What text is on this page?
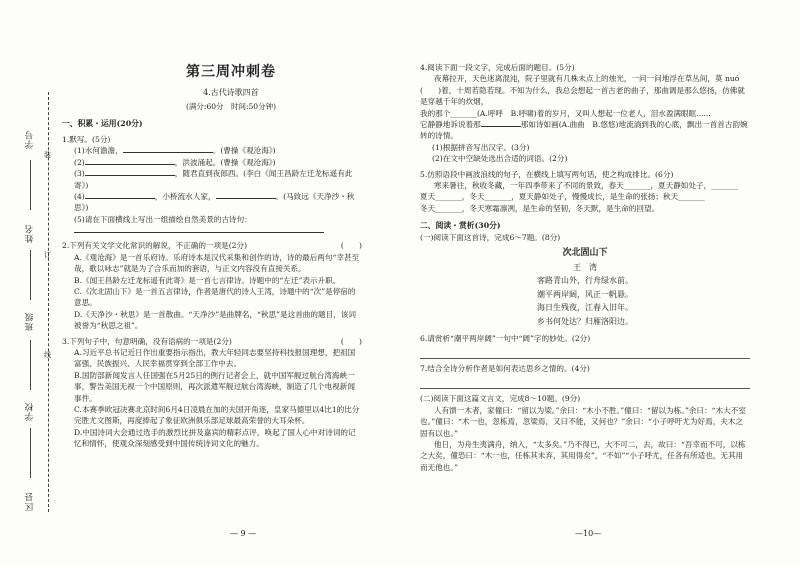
学号
姓名
班级
学校
区县
装
订
线
第三周冲刺卷
4.古代诗歌四首
(满分:60分　时间:50分钟)
一、积累・运用(20分)

1.默写。(5分)

(1)水何澹澹，	。(曹操《观沧海》)

(2)	，洪波涌起。(曹操《观沧海》)

(3)	，随君直到夜郎西。(李白《闻王昌龄左迁龙标遥有此寄》)

(4)	，小桥流水人家，	。(马致远《天净沙・秋思》)

(5)请在下面横线上写出一组描绘自然美景的古诗句：

2.下列有关文学文化常识的解说，不正确的一项是(2分)	(　　)

A.《观沧海》是一首乐府诗。乐府诗本是汉代采集和创作的诗，诗的最后两句“幸甚至哉，歌以咏志”就是为了合乐而加的套语，与正文内容没有直接关系。

B.《闻王昌龄左迁龙标遥有此寄》是一首七言律诗。诗题中的“左迁”表示升职。

C.《次北固山下》是一首五言律诗，作者是唐代的诗人王湾，诗题中的“次”是停宿的意思。

D.《天净沙・秋思》是一首散曲。“天净沙”是曲牌名，“秋思”是这首曲的题目，该词被誉为“秋思之祖”。

3.下列句子中，句意明确，没有语病的一项是(2分)	(　　)

A.习近平总书记近日作出重要指示指出，教大年轻同志要坚持科技报国理想，把祖国富强、民族振兴、人民幸福贯穿到全部工作中去。

B.国防部新闻发言人任国强在5月25日的例行记者会上，就中国军舰过航台湾海峡一事，警告美国无视一个中国原则，再次派遣军舰过航台湾海峡，制造了几个电视新闻事件。

C.本赛季欧冠决赛北京时间6月4日凌晨在加的夫国开角逐，皇家马德里以4比1的比分完胜尤文图斯，再度捧起了象征欧洲俱乐部足球最高荣誉的大耳朵杯。

D.中国诗词大会通过选手的激烈比拼及嘉宾的精彩点评，唤起了国人心中对诗词的记忆和情怀，使观众深刻感受到中国传统诗词文化的魅力。

— 9 —

4.阅读下面一段文字，完成后面的题目。(5分)

夜幕拉开，天色迷离混沌，院子里就有几株未点上的烛光，一问一问地浮在草丛间，莫 nuó

(　　)着，十周若隐若现。不知为什么，我总会想起一首古老的曲子，那曲调是那么悠扬，仿佛就是穿越千年的炊烟，

我的那个_______(A.呼呼　B.呼啸)着的岁月，又叫人想起一位老人，泪水盈满眼眶......

它静静地诉说着那	那如诗如画(A.曲曲　B.悠悠)地流淌到我的心底，飘出一首首古韵婉转的诗情。

(1)根据拼音写出汉字。(3分)

(2)在文中空缺处选出合适的词语。(2分)

5.仿照语段中画波浪线的句子，在横线上填写两句话，使之构成排比。(6分)

寒来暑往，秋收冬藏，一年四季带来了不同的景致，春天_______，夏天静如处子，_______

夏天_______，冬天_______，夏天静如处子，慢慢成长，是生命的张扬；秋天_______

冬天_______，冬天寒霜凛冽，是生命的坚韧，冬天默，是生命的回望。

二、阅读・赏析(30分)

(一)阅读下面这首诗，完成6～7题。(8分)

次北固山下
王　湾
客路青山外，行舟绿水前。
潮平两岸阔，风正一帆悬。
海日生残夜，江春入旧年。
乡书何处达？归雁洛阳边。

6.请赏析“潮平两岸阔”一句中“阔”字的妙处。(2分)

7.结合全诗分析作者是如何表达思乡之情的。(4分)

(二)阅读下面这篇文言文，完成8～10题。(9分)

人有馈一木者，家僮曰：“留以为梁。”余曰：“木小不胜。”僮曰：“留以为栋。”余曰：“木大不室也。”僮曰：“木一也，忽栋焉，忽梁焉，又曰不能，又何也？”余曰：“小子呼吁尤为好焉，夫木之固有以也。”

他日，为舟生夷满舟，纳入，“太多矣。”乃不得已，大不可二，去，故曰：“吾幸而不可，以栋之大矣，僮恐曰：“木一也，任栋其未弃，其用得矣”，“不如”“小子呼尤，任各有所适也，无其用而无他也。”

—10—
